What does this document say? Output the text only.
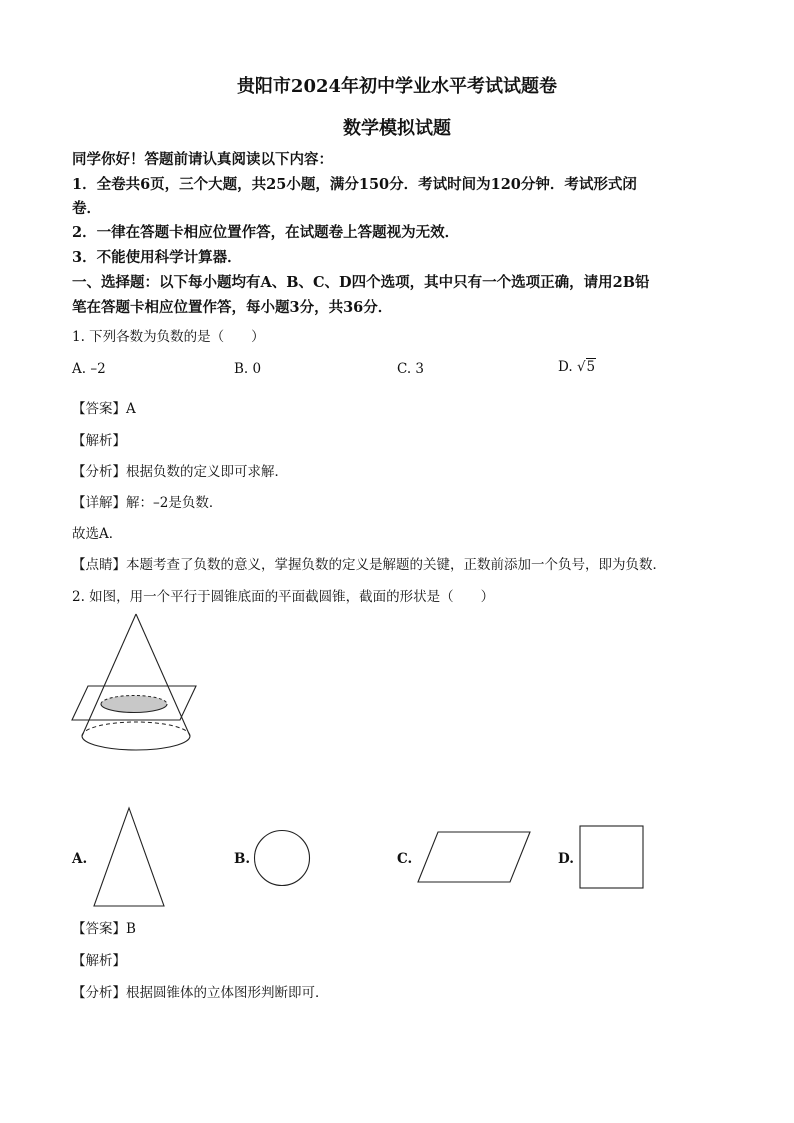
贵阳市2024年初中学业水平考试试题卷
数学模拟试题
同学你好！答题前请认真阅读以下内容：
1．全卷共6页，三个大题，共25小题，满分150分．考试时间为120分钟．考试形式闭
卷．
2．一律在答题卡相应位置作答，在试题卷上答题视为无效．
3．不能使用科学计算器．
一、选择题：以下每小题均有A、B、C、D四个选项，其中只有一个选项正确，请用2B铅
笔在答题卡相应位置作答，每小题3分，共36分．
1. 下列各数为负数的是（　　）
A. –2	B. 0	C. 3	D. √5
【答案】A
【解析】
【分析】根据负数的定义即可求解．
【详解】解：–2是负数．
故选A．
【点睛】本题考查了负数的意义，掌握负数的定义是解题的关键，正数前添加一个负号，即为负数．
2. 如图，用一个平行于圆锥底面的平面截圆锥，截面的形状是（　　）
A.	B.	C.	D.
【答案】B
【解析】
【分析】根据圆锥体的立体图形判断即可．
